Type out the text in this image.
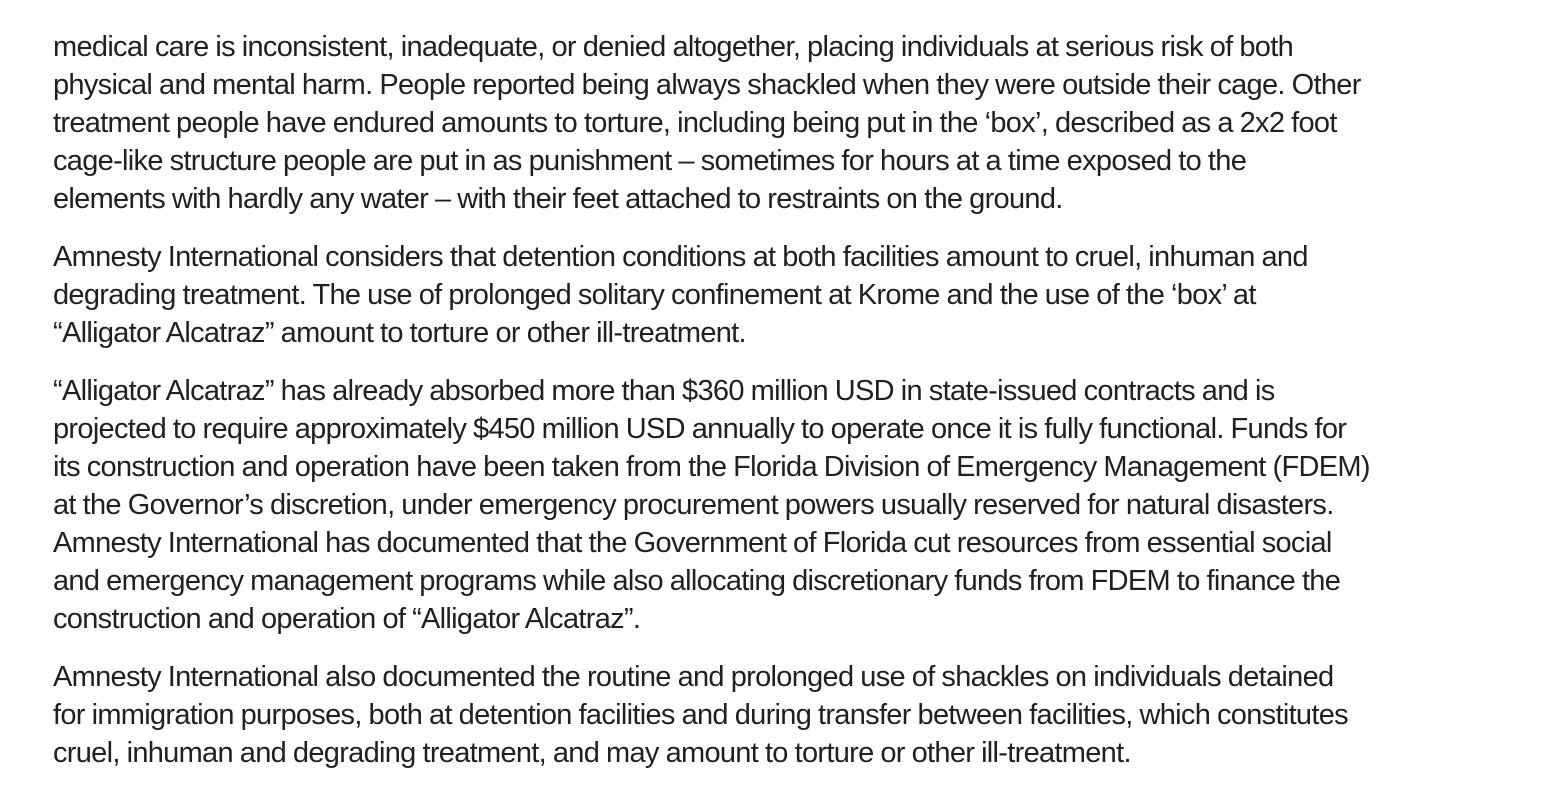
medical care is inconsistent, inadequate, or denied altogether, placing individuals at serious risk of both
physical and mental harm. People reported being always shackled when they were outside their cage. Other
treatment people have endured amounts to torture, including being put in the ‘box’, described as a 2x2 foot
cage-like structure people are put in as punishment – sometimes for hours at a time exposed to the
elements with hardly any water – with their feet attached to restraints on the ground.

Amnesty International considers that detention conditions at both facilities amount to cruel, inhuman and
degrading treatment. The use of prolonged solitary confinement at Krome and the use of the ‘box’ at
“Alligator Alcatraz” amount to torture or other ill-treatment.

“Alligator Alcatraz” has already absorbed more than $360 million USD in state-issued contracts and is
projected to require approximately $450 million USD annually to operate once it is fully functional. Funds for
its construction and operation have been taken from the Florida Division of Emergency Management (FDEM)
at the Governor’s discretion, under emergency procurement powers usually reserved for natural disasters.
Amnesty International has documented that the Government of Florida cut resources from essential social
and emergency management programs while also allocating discretionary funds from FDEM to finance the
construction and operation of “Alligator Alcatraz”.

Amnesty International also documented the routine and prolonged use of shackles on individuals detained
for immigration purposes, both at detention facilities and during transfer between facilities, which constitutes
cruel, inhuman and degrading treatment, and may amount to torture or other ill-treatment.
